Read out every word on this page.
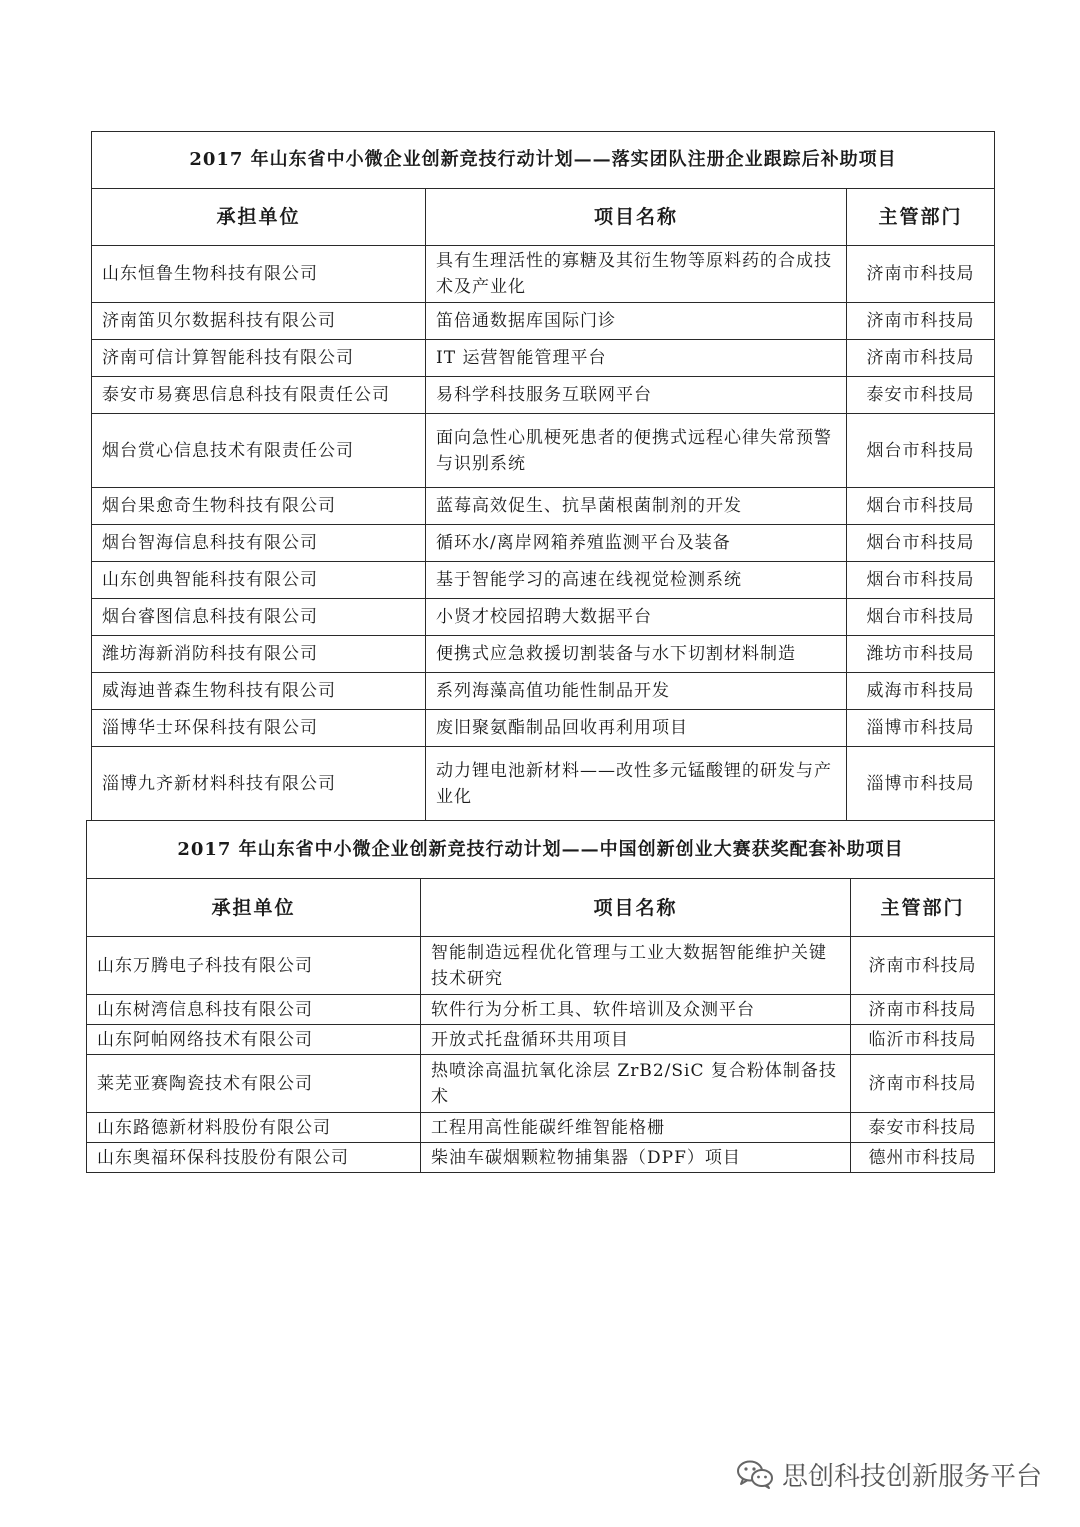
2017 年山东省中小微企业创新竞技行动计划——落实团队注册企业跟踪后补助项目		
承担单位	项目名称	主管部门
山东恒鲁生物科技有限公司	具有生理活性的寡糖及其衍生物等原料药的合成技术及产业化	济南市科技局
济南笛贝尔数据科技有限公司	笛倍通数据库国际门诊	济南市科技局
济南可信计算智能科技有限公司	IT 运营智能管理平台	济南市科技局
泰安市易赛思信息科技有限责任公司	易科学科技服务互联网平台	泰安市科技局
烟台赏心信息技术有限责任公司	面向急性心肌梗死患者的便携式远程心律失常预警与识别系统	烟台市科技局
烟台果愈奇生物科技有限公司	蓝莓高效促生、抗旱菌根菌制剂的开发	烟台市科技局
烟台智海信息科技有限公司	循环水/离岸网箱养殖监测平台及装备	烟台市科技局
山东创典智能科技有限公司	基于智能学习的高速在线视觉检测系统	烟台市科技局
烟台睿图信息科技有限公司	小贤才校园招聘大数据平台	烟台市科技局
潍坊海新消防科技有限公司	便携式应急救援切割装备与水下切割材料制造	潍坊市科技局
威海迪普森生物科技有限公司	系列海藻高值功能性制品开发	威海市科技局
淄博华士环保科技有限公司	废旧聚氨酯制品回收再利用项目	淄博市科技局
淄博九齐新材料科技有限公司	动力锂电池新材料——改性多元锰酸锂的研发与产业化	淄博市科技局
2017 年山东省中小微企业创新竞技行动计划——中国创新创业大赛获奖配套补助项目		
承担单位	项目名称	主管部门
山东万腾电子科技有限公司	智能制造远程优化管理与工业大数据智能维护关键技术研究	济南市科技局
山东树湾信息科技有限公司	软件行为分析工具、软件培训及众测平台	济南市科技局
山东阿帕网络技术有限公司	开放式托盘循环共用项目	临沂市科技局
莱芜亚赛陶瓷技术有限公司	热喷涂高温抗氧化涂层 ZrB2/SiC 复合粉体制备技术	济南市科技局
山东路德新材料股份有限公司	工程用高性能碳纤维智能格栅	泰安市科技局
山东奥福环保科技股份有限公司	柴油车碳烟颗粒物捕集器（DPF）项目	德州市科技局
思创科技创新服务平台
